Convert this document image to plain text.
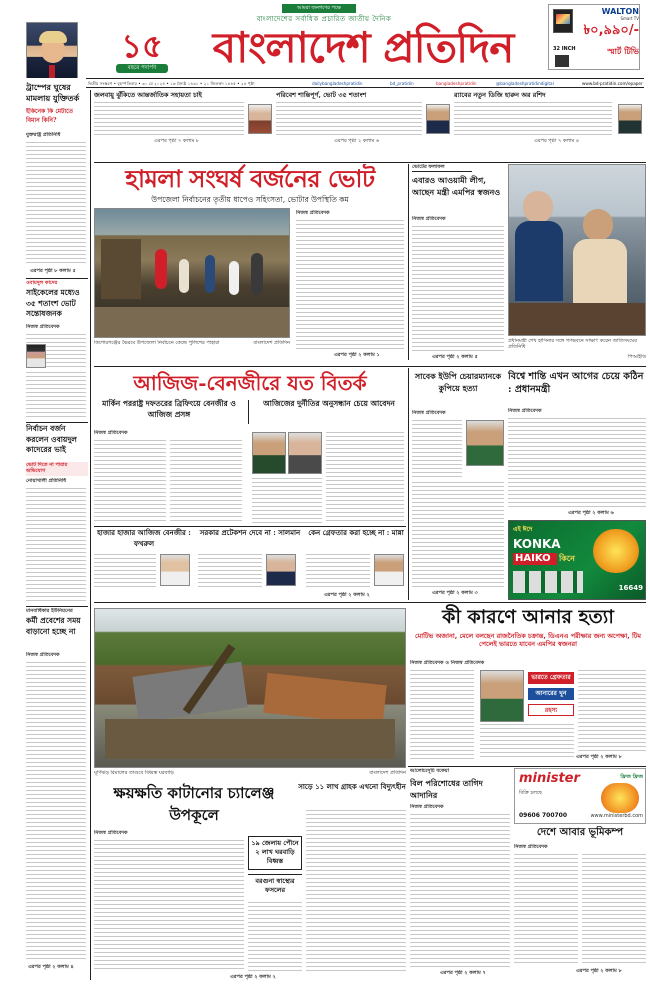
১৫
বছরে পদার্পণ
আমরা জনগণের পক্ষে
বাংলাদেশের সর্বাধিক প্রচারিত জাতীয় দৈনিক
বাংলাদেশ প্রতিদিন
WALTON
Smart TV
৳০,৯৯০/-
32 INCH	স্মার্ট টিভি
দ্বিতীয় সংস্করণ • বৃহস্পতিবার • ৩০ মে ২০২৪ • ১৬ জ্যৈষ্ঠ ১৪৩১ • ২১ জিলকদ ১৪৪৫ • ২৪ পৃষ্ঠা	dailybangladeshpratidin	bd_pratidin	bangladeshpratidin	@bangladeshpratidindigital	www.bd-pratidin.com/epaper
ট্রাম্পের ঘুষের মামলায় যুক্তিতর্ক
ইকিনেক কি মেটাতে বিমান কিনি?
যুক্তরাষ্ট্র প্রতিনিধি
এরপর পৃষ্ঠা ৮ কলাম ৫
ওবায়দুল কাদের
সাইকেলের মধ্যেও ৩৫ শতাংশ ভোট সন্তোষজনক
নিজস্ব প্রতিবেদক
নির্বাচন বর্জন করলেন ওবায়দুল কাদেরের ভাই
ভোট দিতে না পারার অভিযোগ
নোয়াখালী প্রতিনিধি
মানবাধিকার ইউনিয়নের
কর্মী প্রবেশের সময় বাড়ানো হচ্ছে না
নিজস্ব প্রতিবেদক
এরপর পৃষ্ঠা ২ কলাম ৪
জলবায়ু ঝুঁকিতে আন্তর্জাতিক সহায়তা চাই
এরপর পৃষ্ঠা ৭ কলাম ৮
পরিবেশ শান্তিপূর্ণ, ভোট ৩৫ শতাংশ
এরপর পৃষ্ঠা ২ কলাম ৬
র‍্যাবের নতুন ডিজি হারুন অর রশিদ
এরপর পৃষ্ঠা ৭ কলাম ৪
হামলা সংঘর্ষ বর্জনের ভোট
উপজেলা নির্বাচনের তৃতীয় ধাপেও সহিংসতা, ভোটার উপস্থিতি কম
কিশোরগঞ্জের ভৈরবে উপজেলা নির্বাচনে কেন্দ্রে পুলিশের পাহারা	বাংলাদেশ প্রতিদিন
নিজস্ব প্রতিবেদক
এরপর পৃষ্ঠা ২ কলাম ১
ভোটের ফলাফল
এবারও আওয়ামী লীগ, আছেন মন্ত্রী এমপির স্বজনও
নিজস্ব প্রতিবেদক
এরপর পৃষ্ঠা ২ কলাম ৫
প্রধানমন্ত্রী শেখ হাসিনার সঙ্গে গণভবনে সাক্ষাৎ করেন জাতিসংঘের প্রতিনিধি
পিআইডি
আজিজ-বেনজীরে যত বিতর্ক
মার্কিন পররাষ্ট্র দফতরের ব্রিফিংয়ে বেনজীর ও আজিজ প্রসঙ্গ
আজিজের দুর্নীতির অনুসন্ধান চেয়ে আবেদন
নিজস্ব প্রতিবেদক
হাজার হাজার আজিজ বেনজীর : ফখরুল
সরকার প্রটেকশন দেবে না : সালমান	কেন গ্রেফতার করা হচ্ছে না : মান্না
এরপর পৃষ্ঠা ২ কলাম ২
সাবেক ইউপি চেয়ারম্যানকে কুপিয়ে হত্যা
নিজস্ব প্রতিবেদক
এরপর পৃষ্ঠা ২ কলাম ৩
বিশ্বে শান্তি এখন আগের চেয়ে কঠিন : প্রধানমন্ত্রী
নিজস্ব প্রতিবেদক
এরপর পৃষ্ঠা ২ কলাম ৬
এই ঈদে
KONKA
HAIKO	কিনে
16649
কী কারণে আনার হত্যা
মোটিভ অজানা, মেলে বলছেন রাজনৈতিক চক্রান্ত, ডিএনএ পরীক্ষার জন্য অপেক্ষা, টিম পেলেই ভারতে যাবেন এমপির স্বজনরা
নিজস্ব প্রতিবেদক ও নিজস্ব প্রতিবেদক
ভারতে গ্রেফতার
আনারের খুন
রহস্য
এরপর পৃষ্ঠা ২ কলাম ৮
ঘূর্ণিঝড় রিমালের তাণ্ডবে বিধ্বস্ত ঘরবাড়ি	বাংলাদেশ প্রতিদিন
ক্ষয়ক্ষতি কাটানোর চ্যালেঞ্জ উপকূলে
সাড়ে ১১ লাখ গ্রাহক এখনো বিদ্যুৎহীন
নিজস্ব প্রতিবেদক
১৯ জেলায় পৌনে ২ লাখ ঘরবাড়ি বিধ্বস্ত
বরগুনা স্বাস্থ্যের ফসলের
এরপর পৃষ্ঠা ২ কলাম ২
আলোচ্যসূচি বকেয়া
বিল পরিশোধের তাগিদ আদানির
নিজস্ব প্রতিবেদক
এরপর পৃষ্ঠা ২ কলাম ৭
minister	ফ্রিজ ফ্রিজ
বিক্রি চলছে
09606 700700	www.ministerbd.com
দেশে আবার ভূমিকম্প
নিজস্ব প্রতিবেদক
এরপর পৃষ্ঠা ২ কলাম ৮
